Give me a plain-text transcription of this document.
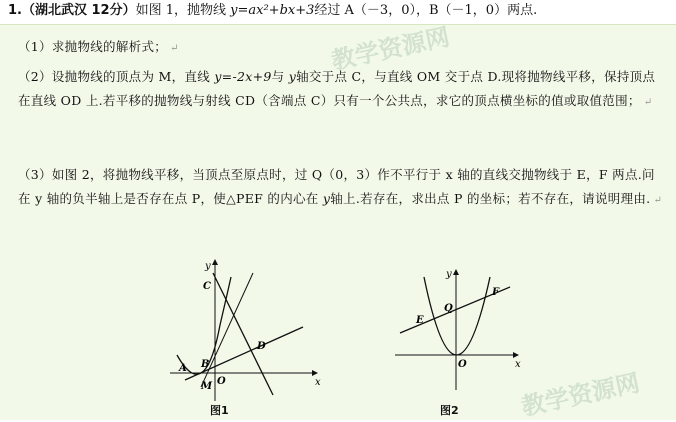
1.（湖北武汉 12分）如图 1，抛物线 y=ax²+bx+3经过 A（－3，0），B（－1，0）两点.
（1）求抛物线的解析式； ↵
（2）设抛物线的顶点为 M，直线 y=-2x+9与 y轴交于点 C，与直线 OM 交于点 D.现将抛物线平移，保持顶点在直线 OD 上.若平移的抛物线与射线 CD（含端点 C）只有一个公共点，求它的顶点横坐标的值或取值范围； ↵
（3）如图 2，将抛物线平移，当顶点至原点时，过 Q（0，3）作不平行于 x 轴的直线交抛物线于 E，F 两点.问在 y 轴的负半轴上是否存在点 P，使△PEF 的内心在 y轴上.若存在，求出点 P 的坐标；若不存在，请说明理由. ↵
教学资源网
教学资源网
y
x
C
D
A B
O
M
图1
y
x
Q
F
E
O
图2
